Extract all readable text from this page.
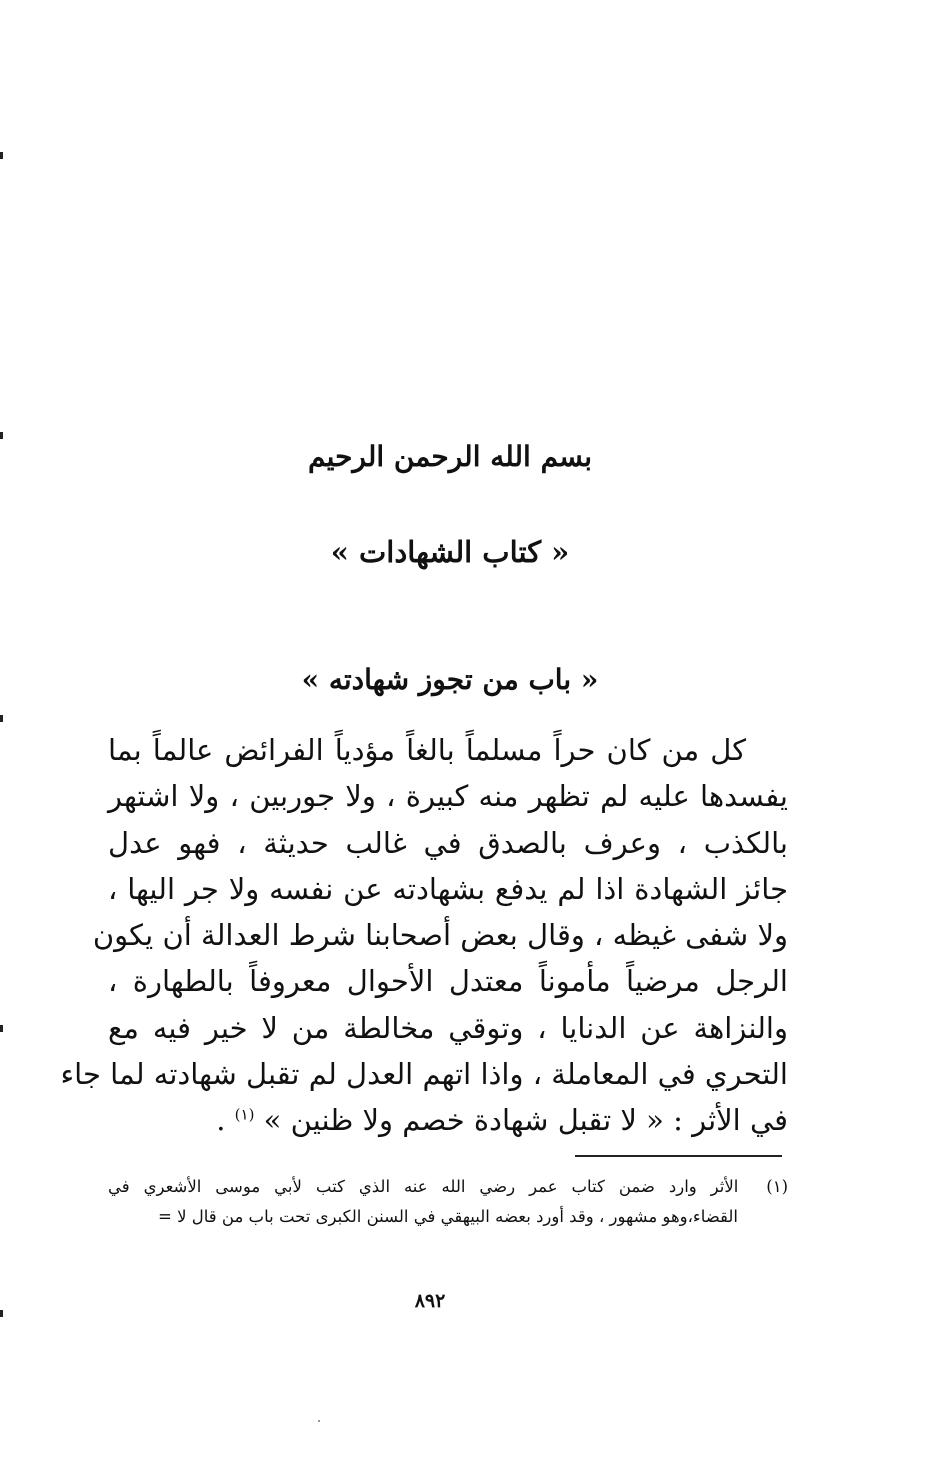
بسم الله الرحمن الرحيم
« كتاب الشهادات »
« باب من تجوز شهادته »
كل من كان حراً مسلماً بالغاً مؤدياً الفرائض عالماً بما
يفسدها عليه لم تظهر منه كبيرة ، ولا جوربين ، ولا اشتهر
بالكذب ، وعرف بالصدق في غالب حديثة ، فهو عدل
جائز الشهادة اذا لم يدفع بشهادته عن نفسه ولا جر اليها ،
ولا شفى غيظه ، وقال بعض أصحابنا شرط العدالة أن يكون
الرجل مرضياً مأموناً معتدل الأحوال معروفاً بالطهارة ،
والنزاهة عن الدنايا ، وتوقي مخالطة من لا خير فيه مع
التحري في المعاملة ، واذا اتهم العدل لم تقبل شهادته لما جاء
في الأثر : « لا تقبل شهادة خصم ولا ظنين » $^{(١)}$ .
(١)  الأثر وارد ضمن كتاب عمر رضي الله عنه الذي كتب لأبي موسى الأشعري في
القضاء،وهو مشهور ، وقد أورد بعضه البيهقي في السنن الكبرى تحت باب من قال لا =
٨٩٢
